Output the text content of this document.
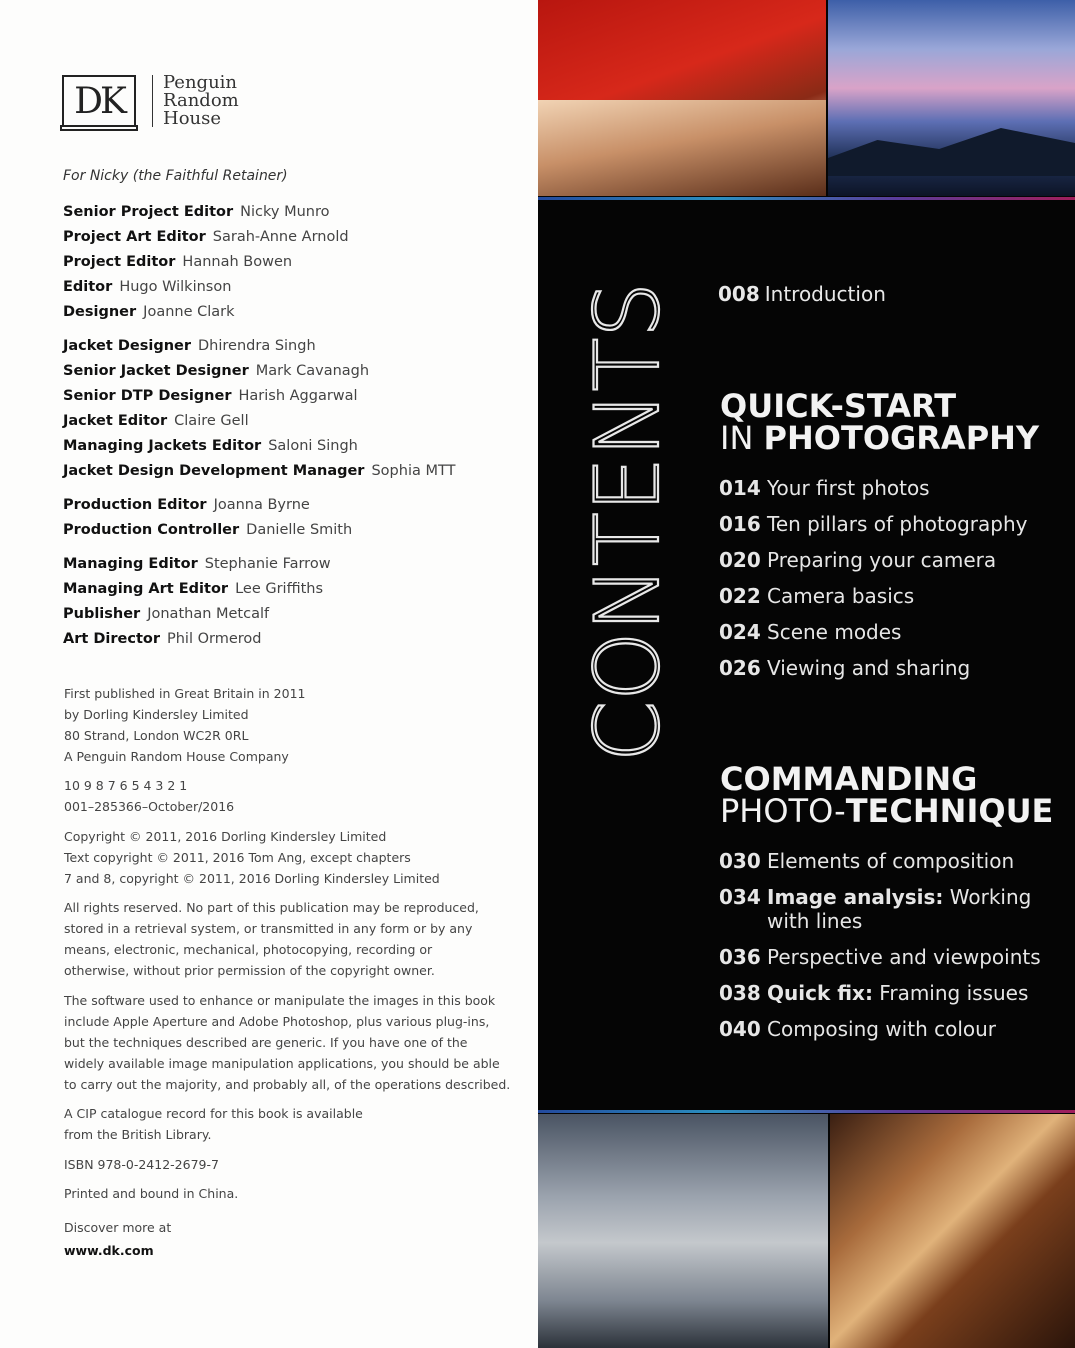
DK Penguin
Random
House
For Nicky (the Faithful Retainer)
Senior Project Editor Nicky Munro
Project Art Editor Sarah-Anne Arnold
Project Editor Hannah Bowen
Editor Hugo Wilkinson
Designer Joanne Clark
Jacket Designer Dhirendra Singh
Senior Jacket Designer Mark Cavanagh
Senior DTP Designer Harish Aggarwal
Jacket Editor Claire Gell
Managing Jackets Editor Saloni Singh
Jacket Design Development Manager Sophia MTT
Production Editor Joanna Byrne
Production Controller Danielle Smith
Managing Editor Stephanie Farrow
Managing Art Editor Lee Griffiths
Publisher Jonathan Metcalf
Art Director Phil Ormerod

First published in Great Britain in 2011

by Dorling Kindersley Limited

80 Strand, London WC2R 0RL

A Penguin Random House Company

10 9 8 7 6 5 4 3 2 1

001–285366–October/2016

Copyright © 2011, 2016 Dorling Kindersley Limited

Text copyright © 2011, 2016 Tom Ang, except chapters

7 and 8, copyright © 2011, 2016 Dorling Kindersley Limited

All rights reserved. No part of this publication may be reproduced,

stored in a retrieval system, or transmitted in any form or by any

means, electronic, mechanical, photocopying, recording or

otherwise, without prior permission of the copyright owner.

The software used to enhance or manipulate the images in this book

include Apple Aperture and Adobe Photoshop, plus various plug-ins,

but the techniques described are generic. If you have one of the

widely available image manipulation applications, you should be able

to carry out the majority, and probably all, of the operations described.

A CIP catalogue record for this book is available

from the British Library.

ISBN 978-0-2412-2679-7

Printed and bound in China.

Discover more at

www.dk.com
CONTENTS 008 Introduction
QUICK-START
IN PHOTOGRAPHY
014 Your first photos
016 Ten pillars of photography
020 Preparing your camera
022 Camera basics
024 Scene modes
026 Viewing and sharing
COMMANDING
PHOTO-TECHNIQUE
030 Elements of composition
034 Image analysis: Working with lines
036 Perspective and viewpoints
038 Quick fix: Framing issues
040 Composing with colour
